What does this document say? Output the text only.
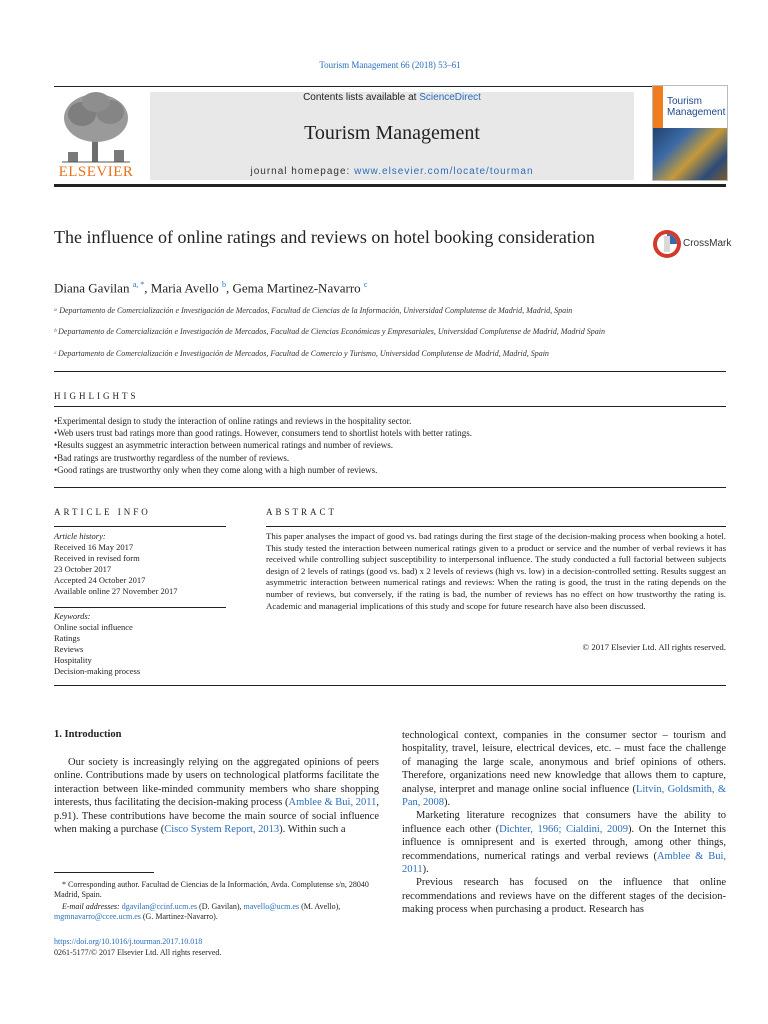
Tourism Management 66 (2018) 53–61
ELSEVIER
Contents lists available at ScienceDirect
Tourism Management
journal homepage: www.elsevier.com/locate/tourman
Tourism
Management
The influence of online ratings and reviews on hotel booking consideration	CrossMark
Diana Gavilan $^{a, *}$, Maria Avello $^b$, Gema Martinez-Navarro $^c$
ᵃ Departamento de Comercialización e Investigación de Mercados, Facultad de Ciencias de la Información, Universidad Complutense de Madrid, Madrid, Spain
ᵇ Departamento de Comercialización e Investigación de Mercados, Facultad de Ciencias Económicas y Empresariales, Universidad Complutense de Madrid, Madrid Spain
ᶜ Departamento de Comercialización e Investigación de Mercados, Facultad de Comercio y Turismo, Universidad Complutense de Madrid, Madrid, Spain
HIGHLIGHTS
• Experimental design to study the interaction of online ratings and reviews in the hospitality sector.
• Web users trust bad ratings more than good ratings. However, consumers tend to shortlist hotels with better ratings.
• Results suggest an asymmetric interaction between numerical ratings and number of reviews.
• Bad ratings are trustworthy regardless of the number of reviews.
• Good ratings are trustworthy only when they come along with a high number of reviews.
ARTICLE INFO
Article history:
Received 16 May 2017
Received in revised form
23 October 2017
Accepted 24 October 2017
Available online 27 November 2017
Keywords:
Online social influence
Ratings
Reviews
Hospitality
Decision-making process
ABSTRACT
This paper analyses the impact of good vs. bad ratings during the first stage of the decision-making process when booking a hotel. This study tested the interaction between numerical ratings given to a product or service and the number of verbal reviews it has received while controlling subject susceptibility to interpersonal influence. The study conducted a full factorial between subjects design of 2 levels of ratings (good vs. bad) x 2 levels of reviews (high vs. low) in a decision-controlled setting. Results suggest an asymmetric interaction between numerical ratings and reviews: When the rating is good, the trust in the rating depends on the number of reviews, but conversely, if the rating is bad, the number of reviews has no effect on how trustworthy the rating is. Academic and managerial implications of this study and scope for future research have also been discussed.
© 2017 Elsevier Ltd. All rights reserved.
1. Introduction

Our society is increasingly relying on the aggregated opinions of peers online. Contributions made by users on technological platforms facilitate the interaction between like-minded community members who share shopping interests, thus facilitating the decision-making process (Amblee & Bui, 2011, p.91). These contributions have become the main source of social influence when making a purchase (Cisco System Report, 2013). Within such a

technological context, companies in the consumer sector – tourism and hospitality, travel, leisure, electrical devices, etc. – must face the challenge of managing the large scale, anonymous and brief opinions of others. Therefore, organizations need new knowledge that allows them to capture, analyse, interpret and manage online social influence (Litvin, Goldsmith, & Pan, 2008).

Marketing literature recognizes that consumers have the ability to influence each other (Dichter, 1966; Cialdini, 2009). On the Internet this influence is omnipresent and is exerted through, among other things, recommendations, numerical ratings and verbal reviews (Amblee & Bui, 2011).

Previous research has focused on the influence that online recommendations and reviews have on the different stages of the decision-making process when purchasing a product. Research has

* Corresponding author. Facultad de Ciencias de la Información, Avda. Complutense s/n, 28040 Madrid, Spain.
E-mail addresses: dgavilan@ccinf.ucm.es (D. Gavilan), mavello@ucm.es (M. Avello), mgmnavarro@ccee.ucm.es (G. Martinez-Navarro).
https://doi.org/10.1016/j.tourman.2017.10.018
0261-5177/© 2017 Elsevier Ltd. All rights reserved.
